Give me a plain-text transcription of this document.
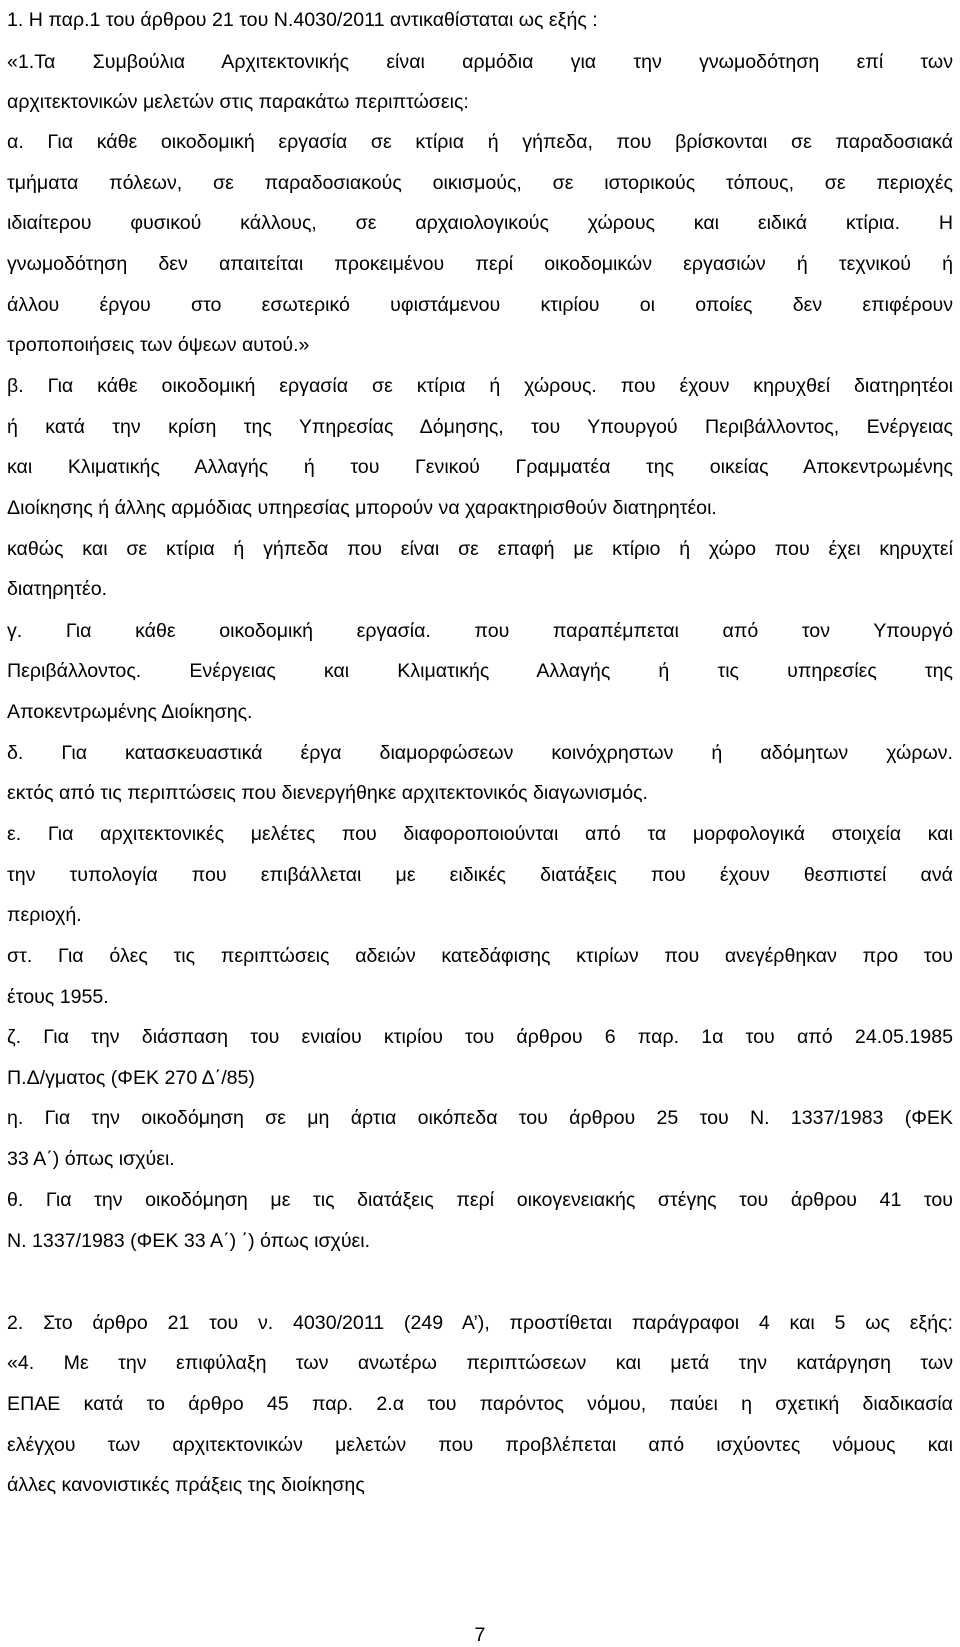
1. Η παρ.1 του άρθρου 21 του Ν.4030/2011 αντικαθίσταται ως εξής :
«1.Τα Συμβούλια Αρχιτεκτονικής είναι αρμόδια για την γνωμοδότηση επί των
αρχιτεκτονικών μελετών στις παρακάτω περιπτώσεις:
α. Για κάθε οικοδομική εργασία σε κτίρια ή γήπεδα, που βρίσκονται σε παραδοσιακά
τμήματα πόλεων, σε παραδοσιακούς οικισμούς, σε ιστορικούς τόπους, σε περιοχές
ιδιαίτερου φυσικού κάλλους, σε αρχαιολογικούς χώρους και ειδικά κτίρια. Η
γνωμοδότηση δεν απαιτείται προκειμένου περί οικοδομικών εργασιών ή τεχνικού ή
άλλου έργου στο εσωτερικό υφιστάμενου κτιρίου οι οποίες δεν επιφέρουν
τροποποιήσεις των όψεων αυτού.»
β. Για κάθε οικοδομική εργασία σε κτίρια ή χώρους. που έχουν κηρυχθεί διατηρητέοι
ή κατά την κρίση της Υπηρεσίας Δόμησης, του Υπουργού Περιβάλλοντος, Ενέργειας
και Κλιματικής Αλλαγής ή του Γενικού Γραμματέα της οικείας Αποκεντρωμένης
Διοίκησης ή άλλης αρμόδιας υπηρεσίας μπορούν να χαρακτηρισθούν διατηρητέοι.
καθώς και σε κτίρια ή γήπεδα που είναι σε επαφή με κτίριο ή χώρο που έχει κηρυχτεί
διατηρητέο.
γ. Για κάθε οικοδομική εργασία. που παραπέμπεται από τον Υπουργό
Περιβάλλοντος. Ενέργειας και Κλιματικής Αλλαγής ή τις υπηρεσίες της
Αποκεντρωμένης Διοίκησης.
δ. Για κατασκευαστικά έργα διαμορφώσεων κοινόχρηστων ή αδόμητων χώρων.
εκτός από τις περιπτώσεις που διενεργήθηκε αρχιτεκτονικός διαγωνισμός.
ε. Για αρχιτεκτονικές μελέτες που διαφοροποιούνται από τα μορφολογικά στοιχεία και
την τυπολογία που επιβάλλεται με ειδικές διατάξεις που έχουν θεσπιστεί ανά
περιοχή.
στ. Για όλες τις περιπτώσεις αδειών κατεδάφισης κτιρίων που ανεγέρθηκαν προ του
έτους 1955.
ζ. Για την διάσπαση του ενιαίου κτιρίου του άρθρου 6 παρ. 1α του από 24.05.1985
Π.Δ/γματος (ΦΕΚ 270 Δ΄/85)
η. Για την οικοδόμηση σε μη άρτια οικόπεδα του άρθρου 25 του Ν. 1337/1983 (ΦΕΚ
33 Α΄) όπως ισχύει.
θ. Για την οικοδόμηση με τις διατάξεις περί οικογενειακής στέγης του άρθρου 41 του
Ν. 1337/1983 (ΦΕΚ 33 Α΄) ΄) όπως ισχύει.
2. Στο άρθρο 21 του ν. 4030/2011 (249 Α’), προστίθεται παράγραφοι 4 και 5 ως εξής:
«4. Με την επιφύλαξη των ανωτέρω περιπτώσεων και μετά την κατάργηση των
ΕΠΑΕ κατά το άρθρο 45 παρ. 2.α του παρόντος νόμου, παύει η σχετική διαδικασία
ελέγχου των αρχιτεκτονικών μελετών που προβλέπεται από ισχύοντες νόμους και
άλλες κανονιστικές πράξεις της διοίκησης
7
